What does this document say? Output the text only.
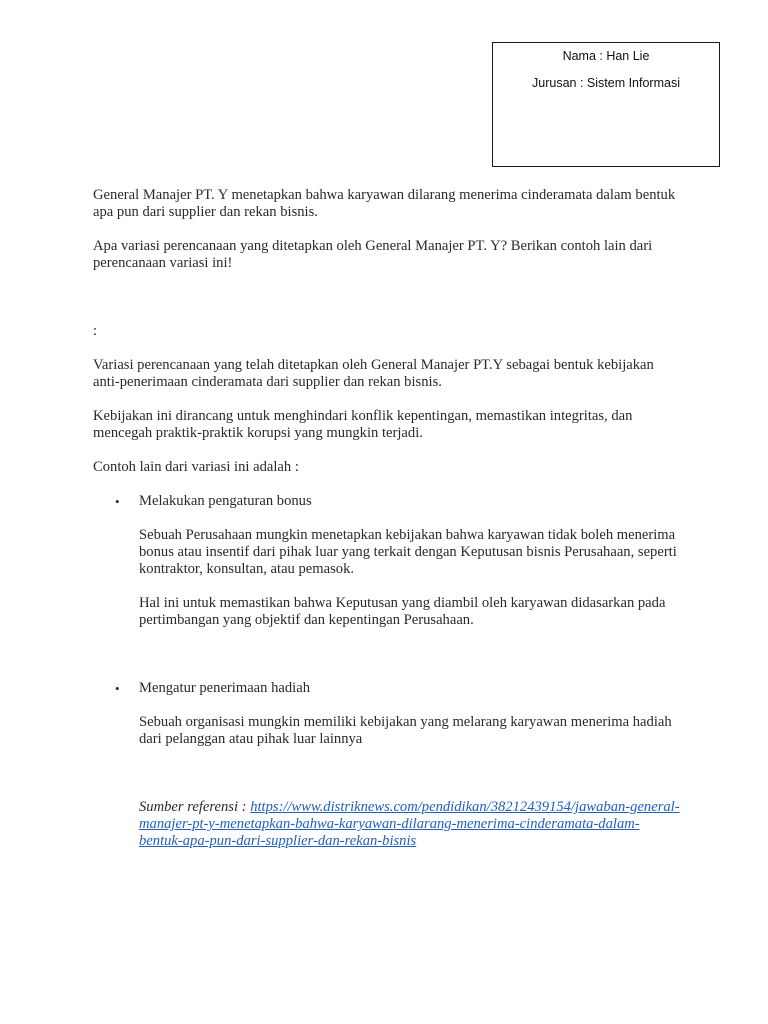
Nama : Han Lie
Jurusan : Sistem Informasi

General Manajer PT. Y menetapkan bahwa karyawan dilarang menerima cinderamata dalam bentuk apa pun dari supplier dan rekan bisnis.

Apa variasi perencanaan yang ditetapkan oleh General Manajer PT. Y? Berikan contoh lain dari perencanaan variasi ini!

:

Variasi perencanaan yang telah ditetapkan oleh General Manajer PT.Y sebagai bentuk kebijakan anti-penerimaan cinderamata dari supplier dan rekan bisnis.

Kebijakan ini dirancang untuk menghindari konflik kepentingan, memastikan integritas, dan mencegah praktik-praktik korupsi yang mungkin terjadi.

Contoh lain dari variasi ini adalah :

• Melakukan pengaturan bonus

Sebuah Perusahaan mungkin menetapkan kebijakan bahwa karyawan tidak boleh menerima bonus atau insentif dari pihak luar yang terkait dengan Keputusan bisnis Perusahaan, seperti kontraktor, konsultan, atau pemasok.

Hal ini untuk memastikan bahwa Keputusan yang diambil oleh karyawan didasarkan pada pertimbangan yang objektif dan kepentingan Perusahaan.

• Mengatur penerimaan hadiah

Sebuah organisasi mungkin memiliki kebijakan yang melarang karyawan menerima hadiah dari pelanggan atau pihak luar lainnya

Sumber referensi : https://www.distriknews.com/pendidikan/38212439154/jawaban-general-manajer-pt-y-menetapkan-bahwa-karyawan-dilarang-menerima-cinderamata-dalam-bentuk-apa-pun-dari-supplier-dan-rekan-bisnis
